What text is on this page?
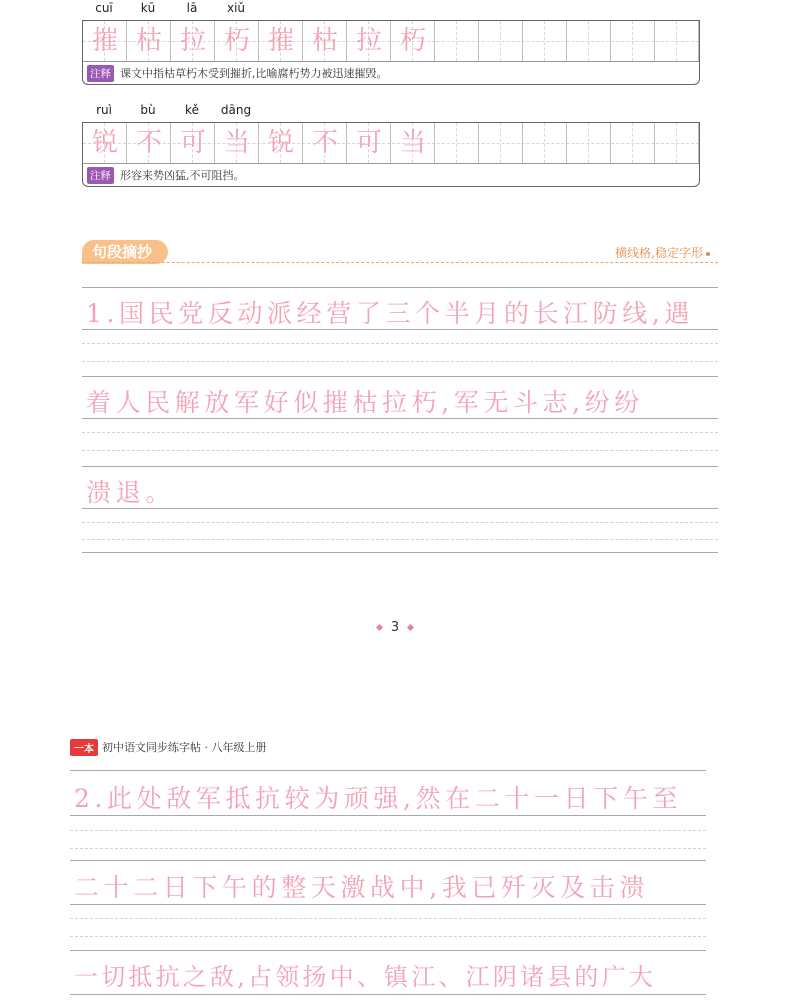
cuī	kū	lā	xiǔ
摧 枯 拉 朽 摧 枯 拉 朽
注释 课文中指枯草朽木受到摧折,比喻腐朽势力被迅速摧毁。
ruì	bù	kě	dāng
锐 不 可 当 锐 不 可 当
注释 形容来势凶猛,不可阻挡。
句段摘抄	横线格,稳定字形
1.国民党反动派经营了三个半月的长江防线,遇
着人民解放军好似摧枯拉朽,军无斗志,纷纷
溃退。
3
一本 初中语文同步练字帖 · 八年级上册
2.此处敌军抵抗较为顽强,然在二十一日下午至
二十二日下午的整天激战中,我已歼灭及击溃
一切抵抗之敌,占领扬中、镇江、江阴诸县的广大
